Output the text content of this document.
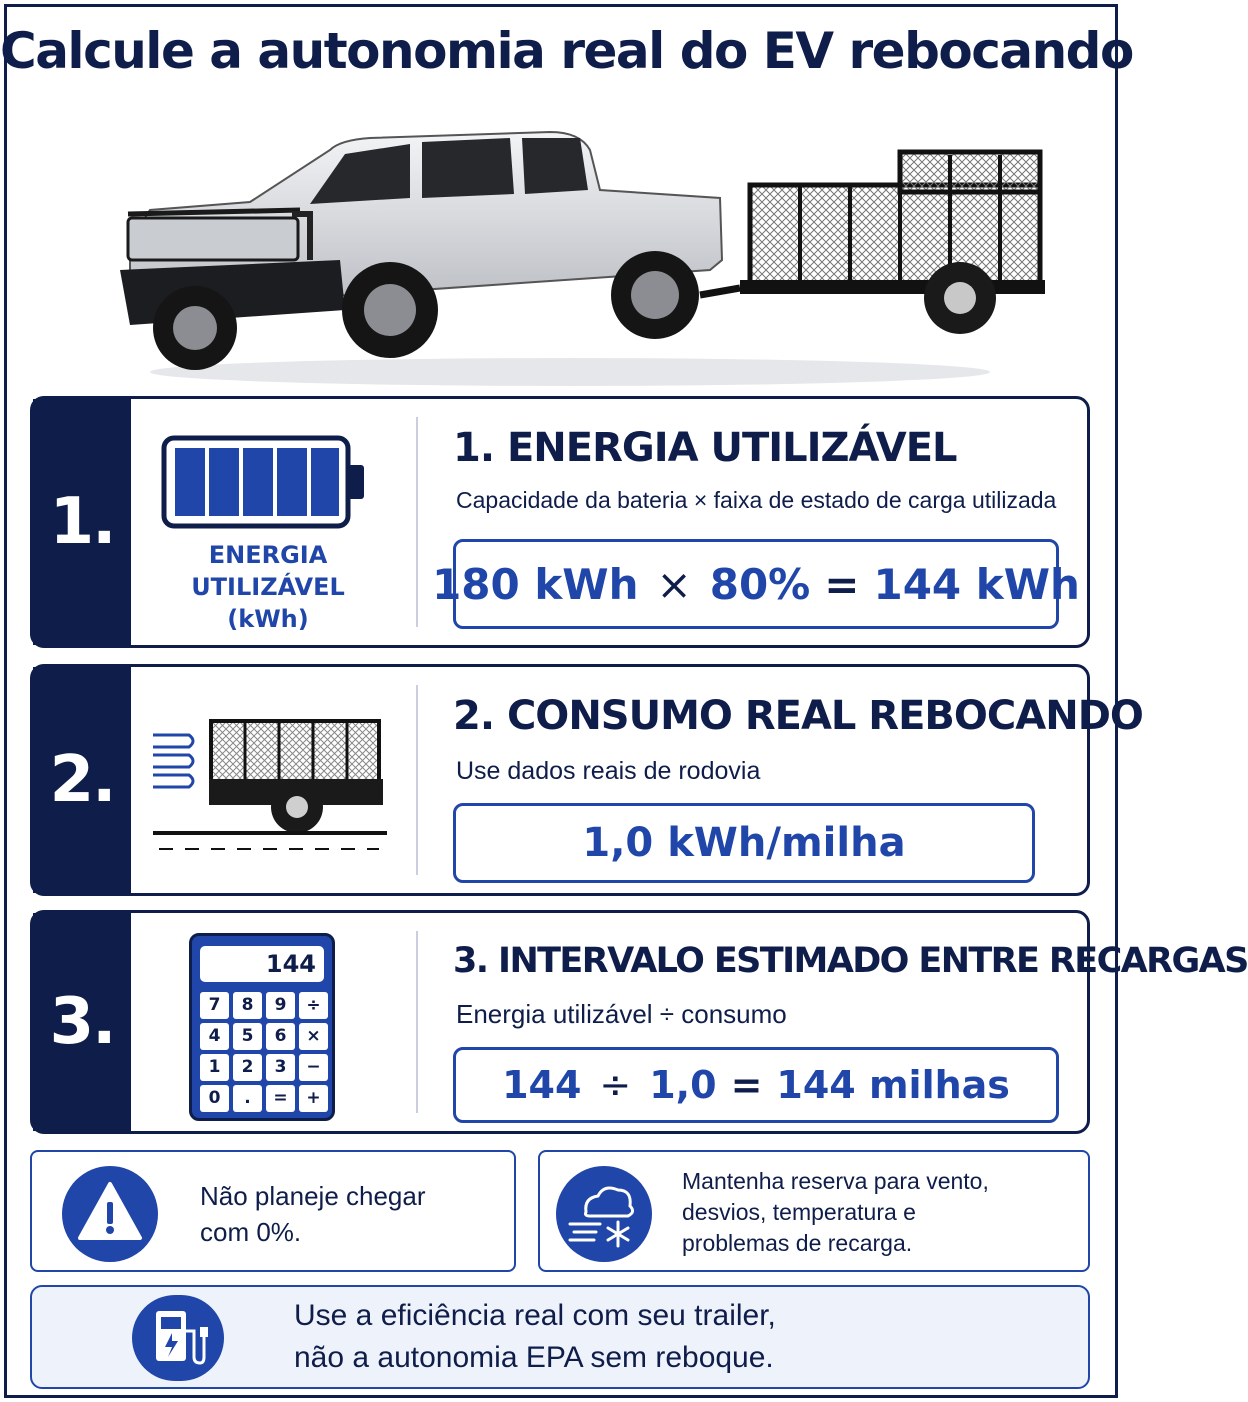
Calcule a autonomia real do EV rebocando
1.	ENERGIA
UTILIZÁVEL
(kWh)
1. ENERGIA UTILIZÁVEL
Capacidade da bateria × faixa de estado de carga utilizada
180 kWh × 80% = 144 kWh
2.
2. CONSUMO REAL REBOCANDO
Use dados reais de rodovia
1,0 kWh/milha
3.
144
7	8	9	÷
4	5	6	×
1	2	3	−
0	.	=	+
3. INTERVALO ESTIMADO ENTRE RECARGAS
Energia utilizável ÷ consumo
144 ÷ 1,0 = 144 milhas
Não planeje chegar
com 0%.
Mantenha reserva para vento,
desvios, temperatura e
problemas de recarga.
Use a eficiência real com seu trailer,
não a autonomia EPA sem reboque.
